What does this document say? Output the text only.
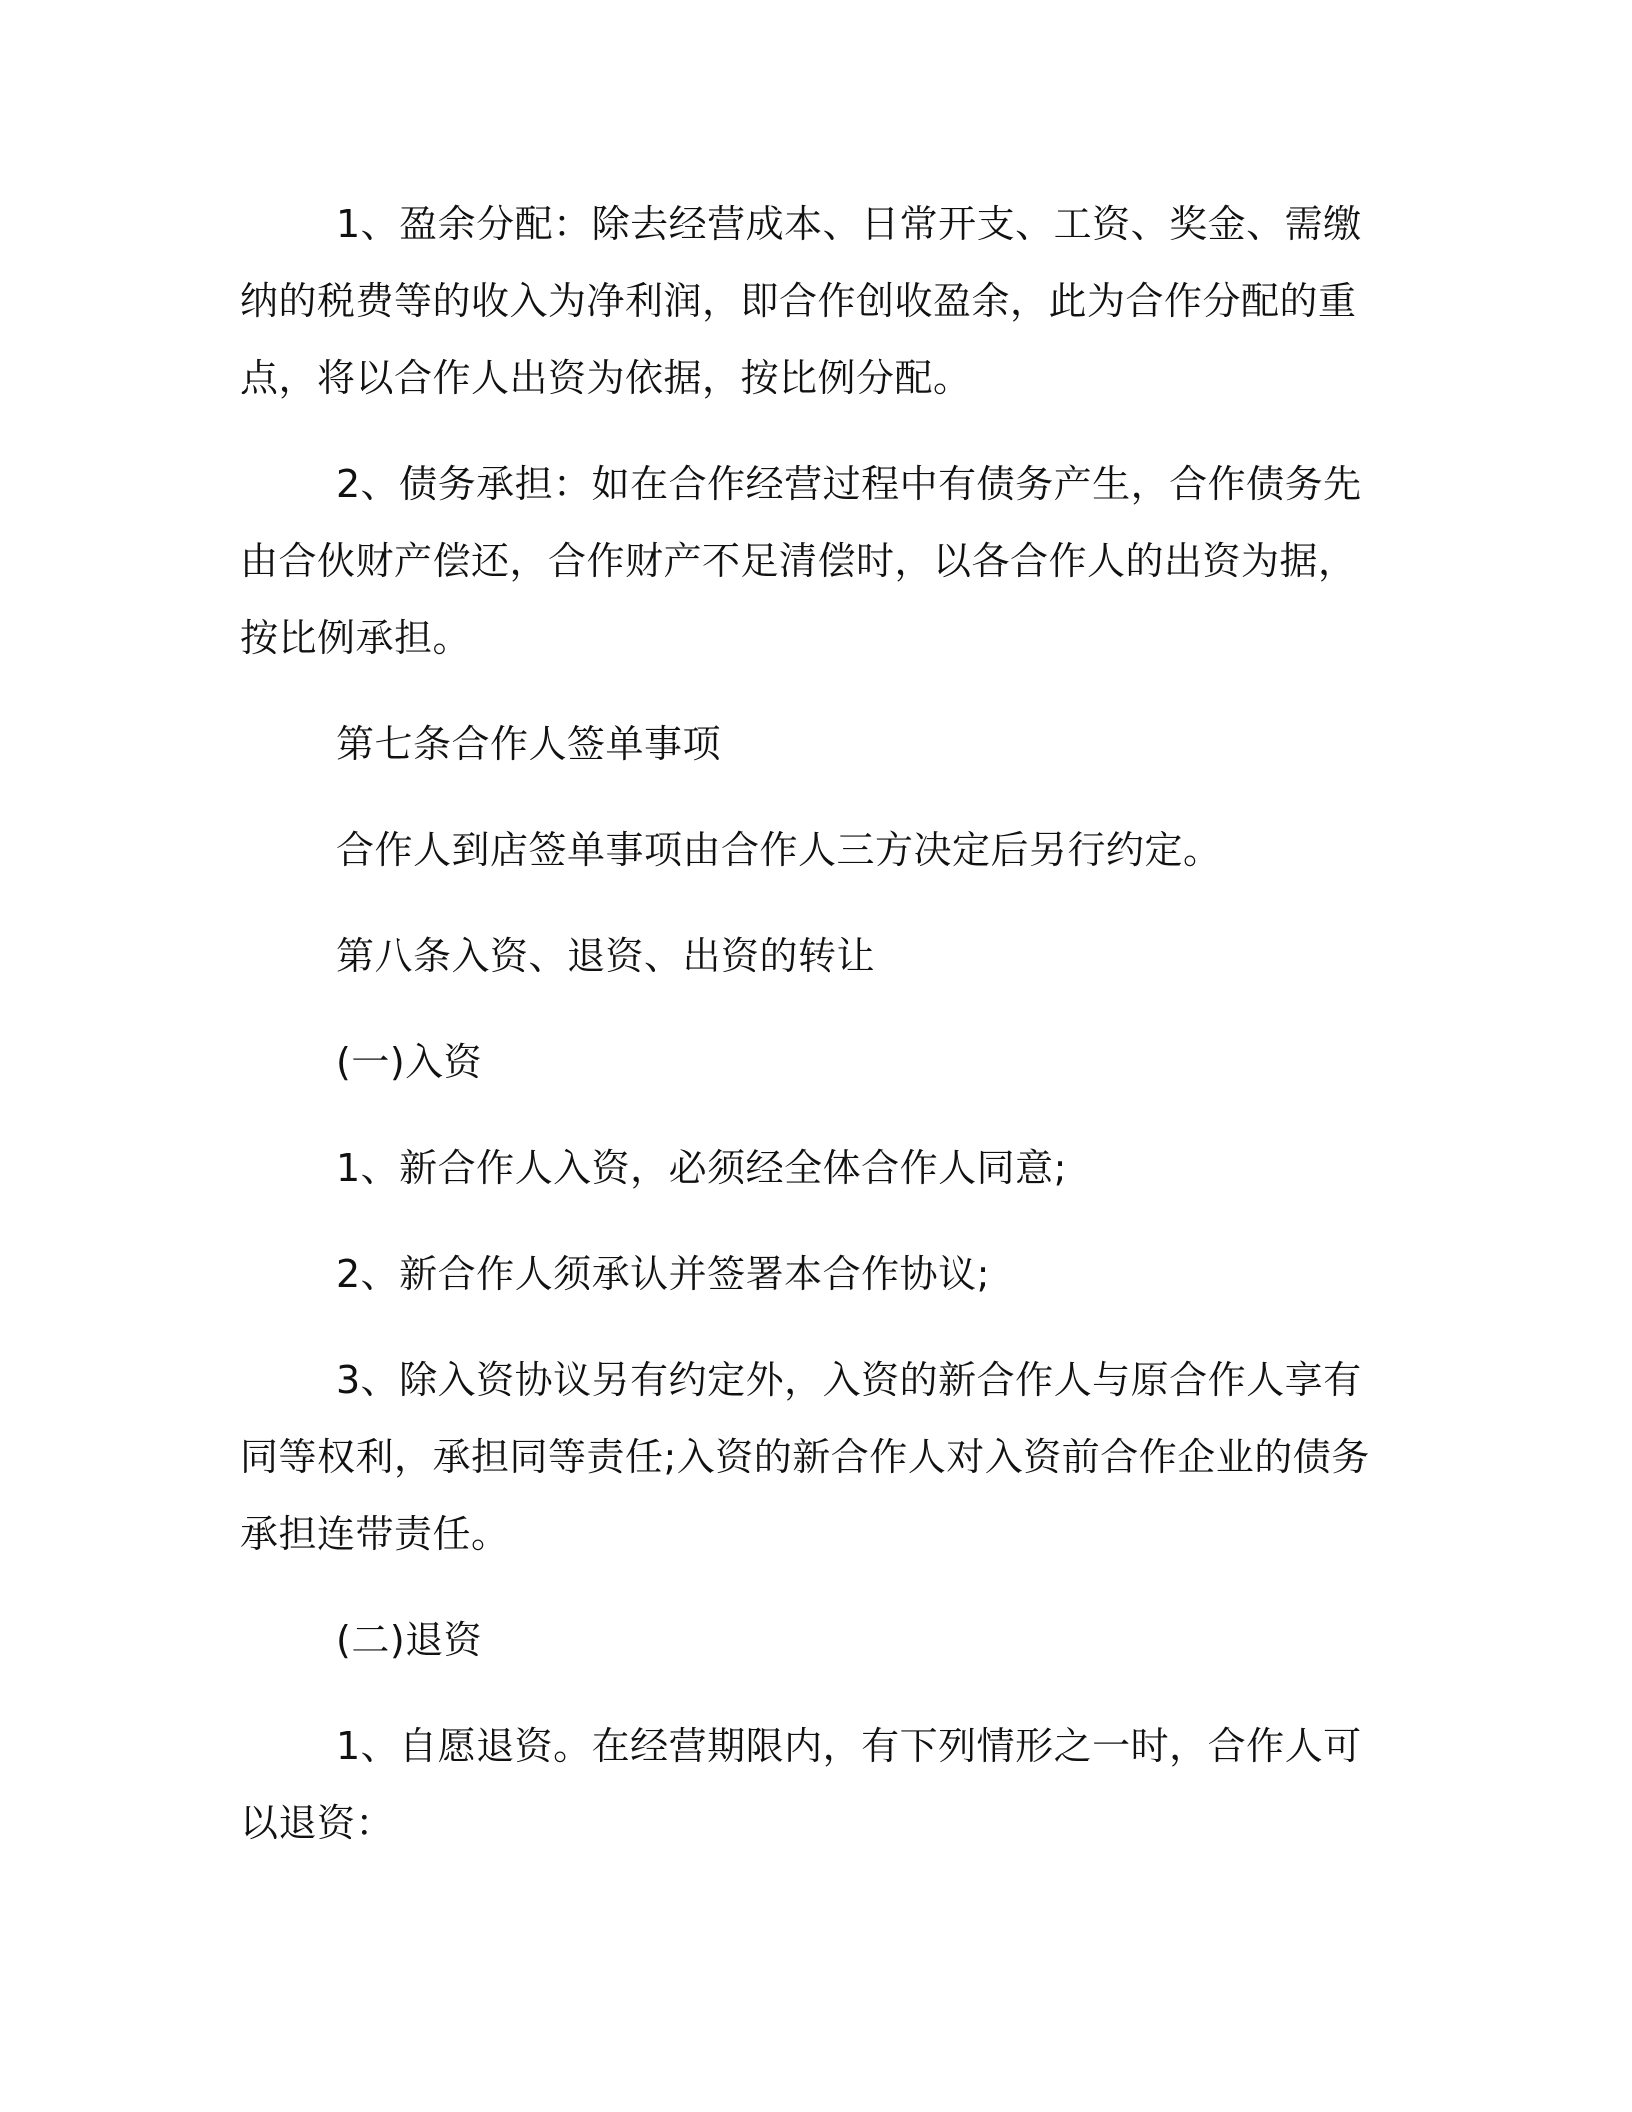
1、盈余分配：除去经营成本、日常开支、工资、奖金、需缴纳的税费等的收入为净利润，即合作创收盈余，此为合作分配的重点，将以合作人出资为依据，按比例分配。

2、债务承担：如在合作经营过程中有债务产生，合作债务先由合伙财产偿还，合作财产不足清偿时，以各合作人的出资为据，按比例承担。

第七条合作人签单事项

合作人到店签单事项由合作人三方决定后另行约定。

第八条入资、退资、出资的转让

(一)入资

1、新合作人入资，必须经全体合作人同意;

2、新合作人须承认并签署本合作协议;

3、除入资协议另有约定外，入资的新合作人与原合作人享有同等权利，承担同等责任;入资的新合作人对入资前合作企业的债务承担连带责任。

(二)退资

1、自愿退资。在经营期限内，有下列情形之一时，合作人可以退资：
